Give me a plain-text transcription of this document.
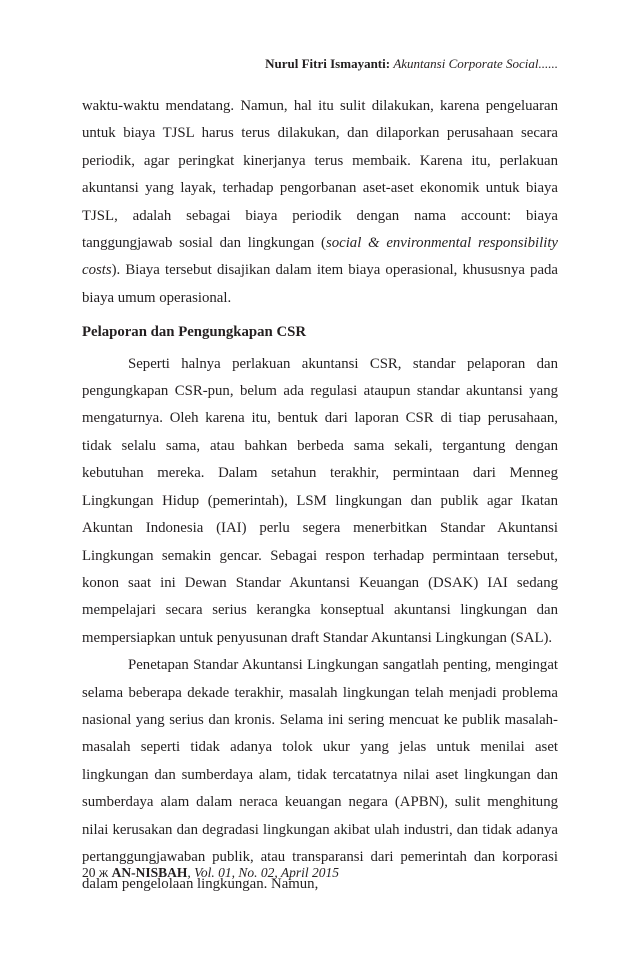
Nurul Fitri Ismayanti: Akuntansi Corporate Social......

waktu-waktu mendatang. Namun, hal itu sulit dilakukan, karena pengeluaran untuk biaya TJSL harus terus dilakukan, dan dilaporkan perusahaan secara periodik, agar peringkat kinerjanya terus membaik. Karena itu, perlakuan akuntansi yang layak, terhadap pengorbanan aset-aset ekonomik untuk biaya TJSL, adalah sebagai biaya periodik dengan nama account: biaya tanggungjawab sosial dan lingkungan (social & environmental responsibility costs). Biaya tersebut disajikan dalam item biaya operasional, khususnya pada biaya umum operasional.

Pelaporan dan Pengungkapan CSR

Seperti halnya perlakuan akuntansi CSR, standar pelaporan dan pengungkapan CSR-pun, belum ada regulasi ataupun standar akuntansi yang mengaturnya. Oleh karena itu, bentuk dari laporan CSR di tiap perusahaan, tidak selalu sama, atau bahkan berbeda sama sekali, tergantung dengan kebutuhan mereka. Dalam setahun terakhir, permintaan dari Menneg Lingkungan Hidup (pemerintah), LSM lingkungan dan publik agar Ikatan Akuntan Indonesia (IAI) perlu segera menerbitkan Standar Akuntansi Lingkungan semakin gencar. Sebagai respon terhadap permintaan tersebut, konon saat ini Dewan Standar Akuntansi Keuangan (DSAK) IAI sedang mempelajari secara serius kerangka konseptual akuntansi lingkungan dan mempersiapkan untuk penyusunan draft Standar Akuntansi Lingkungan (SAL).

Penetapan Standar Akuntansi Lingkungan sangatlah penting, mengingat selama beberapa dekade terakhir, masalah lingkungan telah menjadi problema nasional yang serius dan kronis. Selama ini sering mencuat ke publik masalah-masalah seperti tidak adanya tolok ukur yang jelas untuk menilai aset lingkungan dan sumberdaya alam, tidak tercatatnya nilai aset lingkungan dan sumberdaya alam dalam neraca keuangan negara (APBN), sulit menghitung nilai kerusakan dan degradasi lingkungan akibat ulah industri, dan tidak adanya pertanggungjawaban publik, atau transparansi dari pemerintah dan korporasi dalam pengelolaan lingkungan. Namun,

20 ж AN-NISBAH, Vol. 01, No. 02, April 2015
